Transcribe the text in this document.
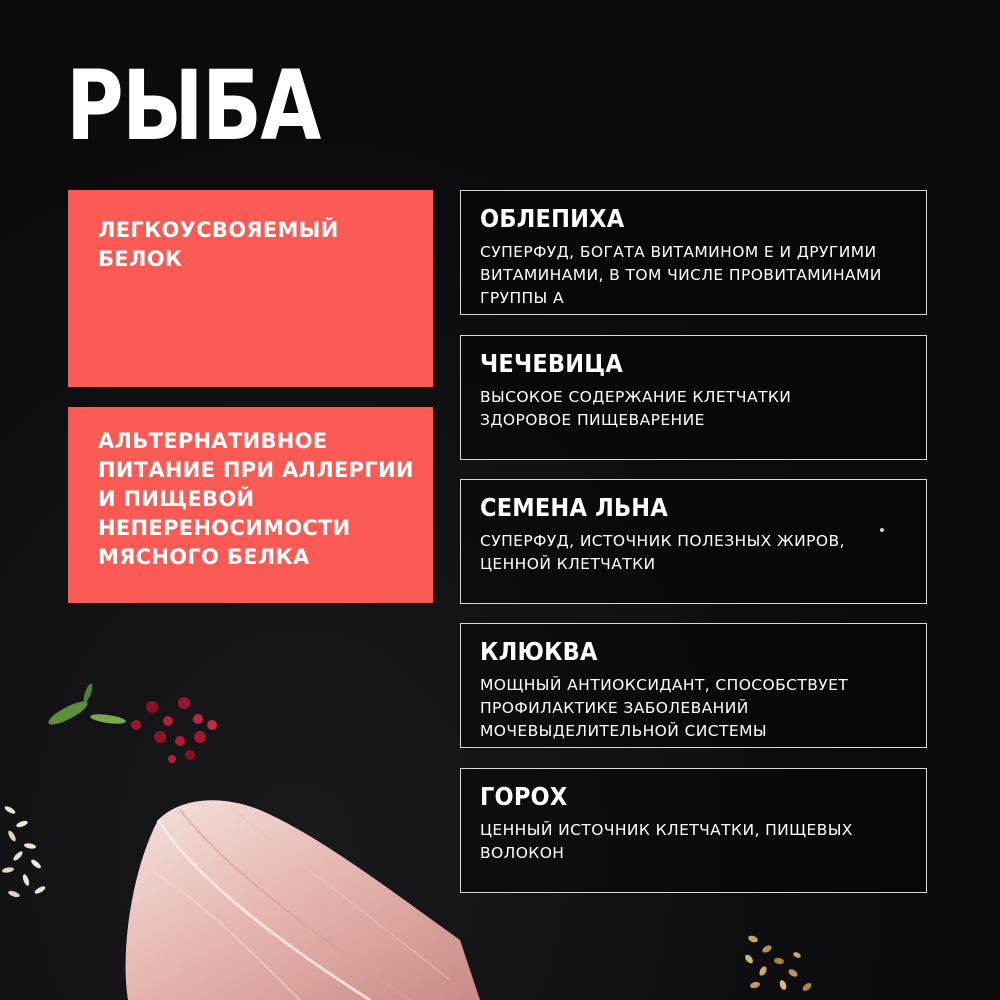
РЫБА
ЛЕГКОУСВОЯЕМЫЙ
БЕЛОК
АЛЬТЕРНАТИВНОЕ
ПИТАНИЕ ПРИ АЛЛЕРГИИ
И ПИЩЕВОЙ
НЕПЕРЕНОСИМОСТИ
МЯСНОГО БЕЛКА
ОБЛЕПИХА
СУПЕРФУД, БОГАТА ВИТАМИНОМ Е И ДРУГИМИ
ВИТАМИНАМИ, В ТОМ ЧИСЛЕ ПРОВИТАМИНАМИ
ГРУППЫ А
ЧЕЧЕВИЦА
ВЫСОКОЕ СОДЕРЖАНИЕ КЛЕТЧАТКИ
ЗДОРОВОЕ ПИЩЕВАРЕНИЕ
СЕМЕНА ЛЬНА
СУПЕРФУД, ИСТОЧНИК ПОЛЕЗНЫХ ЖИРОВ,
ЦЕННОЙ КЛЕТЧАТКИ
КЛЮКВА
МОЩНЫЙ АНТИОКСИДАНТ, СПОСОБСТВУЕТ
ПРОФИЛАКТИКЕ ЗАБОЛЕВАНИЙ
МОЧЕВЫДЕЛИТЕЛЬНОЙ СИСТЕМЫ
ГОРОХ
ЦЕННЫЙ ИСТОЧНИК КЛЕТЧАТКИ, ПИЩЕВЫХ
ВОЛОКОН
